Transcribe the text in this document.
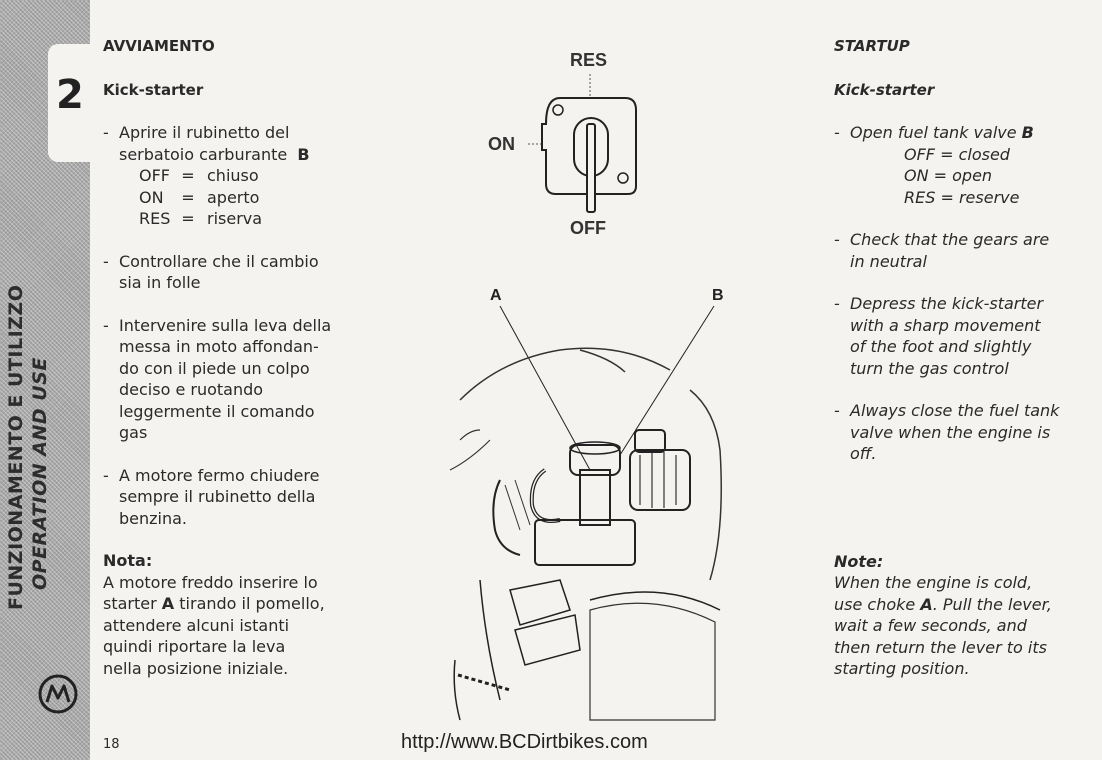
2
FUNZIONAMENTO E UTILIZZO OPERATION AND USE
AVVIAMENTO
Kick-starter
- Aprire il rubinetto del
serbatoio carburante B
OFF = chiuso
ON	= aperto
RES = riserva
- Controllare che il cambio
sia in folle
- Intervenire sulla leva della
messa in moto affondan-
do con il piede un colpo
deciso e ruotando
leggermente il comando
gas
- A motore fermo chiudere
sempre il rubinetto della
benzina.
Nota:
A motore freddo inserire lo
starter A tirando il pomello,
attendere alcuni istanti
quindi riportare la leva
nella posizione iniziale.
RES
ON
OFF
A	B
STARTUP
Kick-starter
- Open fuel tank valve B
OFF = closed
ON = open
RES = reserve
- Check that the gears are
in neutral
- Depress the kick-starter
with a sharp movement
of the foot and slightly
turn the gas control
- Always close the fuel tank
valve when the engine is
off.
Note:
When the engine is cold,
use choke A. Pull the lever,
wait a few seconds, and
then return the lever to its
starting position.
18	http://www.BCDirtbikes.com
